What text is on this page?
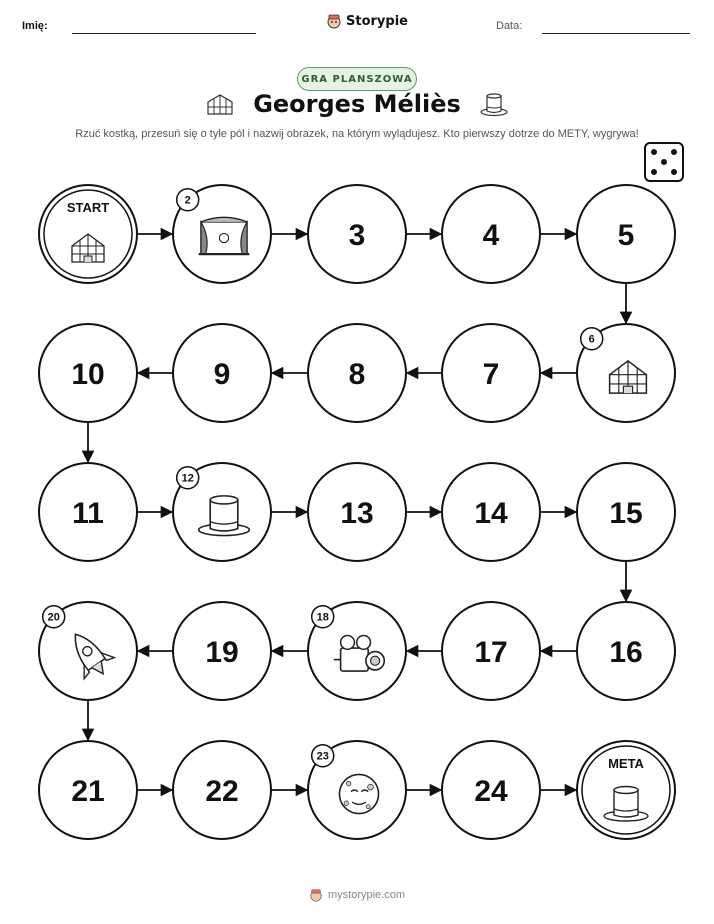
Imię:	Storypie	Data:
GRA PLANSZOWA
Georges Méliès
Rzuć kostką, przesuń się o tyle pól i nazwij obrazek, na którym wylądujesz. Kto pierwszy dotrze do METY, wygrywa!
START	2
3	4	5
6
7
8
9
10
11
12
13	14	15
16
17
18
19
20
21	22
23
24
META
mystorypie.com
